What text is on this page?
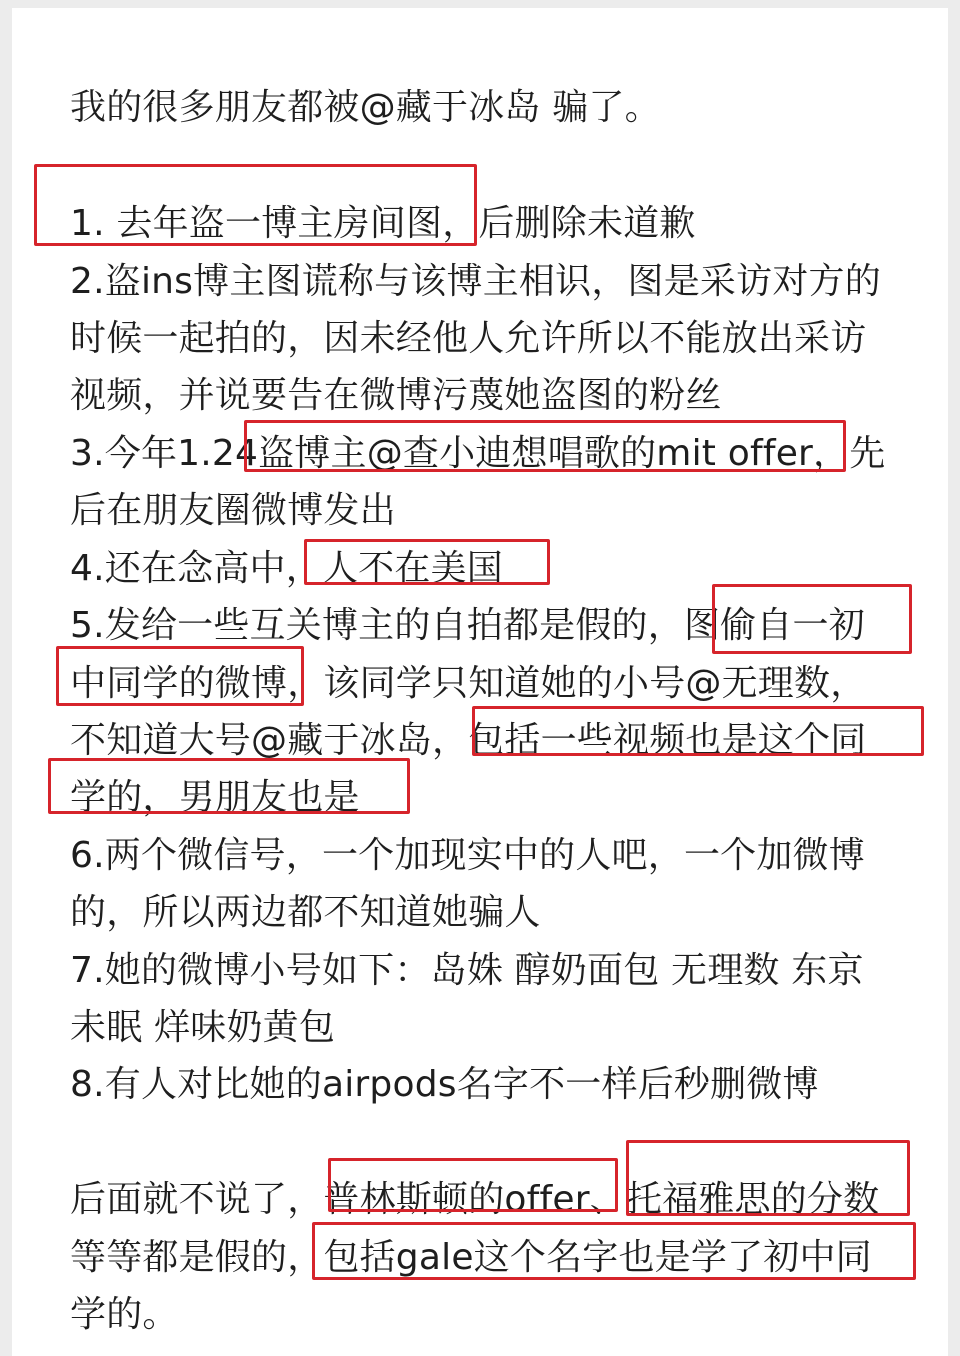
我的很多朋友都被@藏于冰岛 骗了。
1. 去年盗一博主房间图，后删除未道歉
2.盗ins博主图谎称与该博主相识，图是采访对方的
时候一起拍的，因未经他人允许所以不能放出采访
视频，并说要告在微博污蔑她盗图的粉丝
3.今年1.24盗博主@查小迪想唱歌的mit offer，先
后在朋友圈微博发出
4.还在念高中，人不在美国
5.发给一些互关博主的自拍都是假的，图偷自一初
中同学的微博，该同学只知道她的小号@无理数，
不知道大号@藏于冰岛，包括一些视频也是这个同
学的，男朋友也是
6.两个微信号，一个加现实中的人吧，一个加微博
的，所以两边都不知道她骗人
7.她的微博小号如下：岛姝 醇奶面包 无理数 东京
未眠 烊味奶黄包
8.有人对比她的airpods名字不一样后秒删微博
后面就不说了，普林斯顿的offer、托福雅思的分数
等等都是假的，包括gale这个名字也是学了初中同
学的。
